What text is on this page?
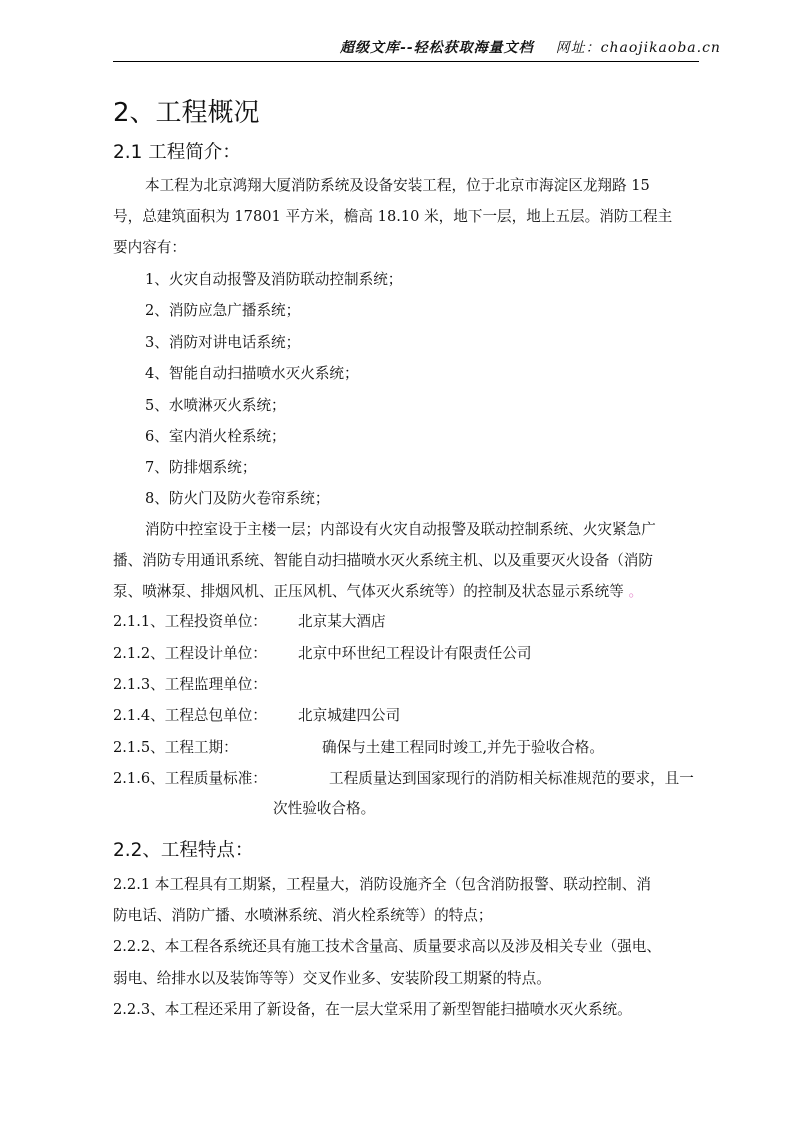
超级文库--轻松获取海量文档 网址：chaojikaoba.cn
2、工程概况
2.1 工程简介：
本工程为北京鸿翔大厦消防系统及设备安装工程，位于北京市海淀区龙翔路 15
号，总建筑面积为 17801 平方米，檐高 18.10 米，地下一层，地上五层。消防工程主
要内容有：
1、火灾自动报警及消防联动控制系统；
2、消防应急广播系统；
3、消防对讲电话系统；
4、智能自动扫描喷水灭火系统；
5、水喷淋灭火系统；
6、室内消火栓系统；
7、防排烟系统；
8、防火门及防火卷帘系统；
消防中控室设于主楼一层；内部设有火灾自动报警及联动控制系统、火灾紧急广
播、消防专用通讯系统、智能自动扫描喷水灭火系统主机、以及重要灭火设备（消防
泵、喷淋泵、排烟风机、正压风机、气体灭火系统等）的控制及状态显示系统等 。
2.1.1、工程投资单位： 北京某大酒店
2.1.2、工程设计单位： 北京中环世纪工程设计有限责任公司
2.1.3、工程监理单位：
2.1.4、工程总包单位： 北京城建四公司
2.1.5、工程工期：	确保与土建工程同时竣工,并先于验收合格。
2.1.6、工程质量标准：	工程质量达到国家现行的消防相关标准规范的要求，且一
次性验收合格。
2.2、工程特点：
2.2.1 本工程具有工期紧，工程量大，消防设施齐全（包含消防报警、联动控制、消
防电话、消防广播、水喷淋系统、消火栓系统等）的特点；
2.2.2、本工程各系统还具有施工技术含量高、质量要求高以及涉及相关专业（强电、
弱电、给排水以及装饰等等）交叉作业多、安装阶段工期紧的特点。
2.2.3、本工程还采用了新设备，在一层大堂采用了新型智能扫描喷水灭火系统。
